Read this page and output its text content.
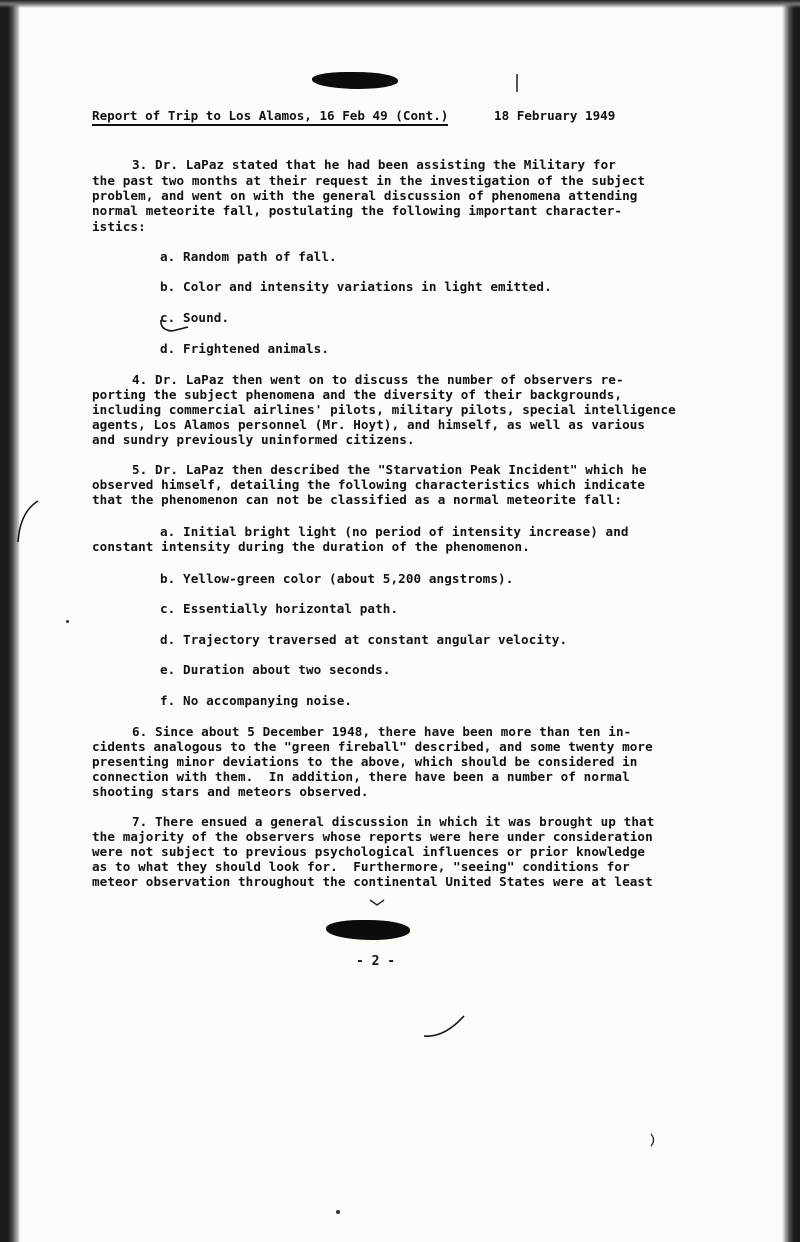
Report of Trip to Los Alamos, 16 Feb 49 (Cont.)	18 February 1949
3. Dr. LaPaz stated that he had been assisting the Military for
the past two months at their request in the investigation of the subject
problem, and went on with the general discussion of phenomena attending
normal meteorite fall, postulating the following important character-
istics:
a. Random path of fall.
b. Color and intensity variations in light emitted.
c. Sound.
d. Frightened animals.
4. Dr. LaPaz then went on to discuss the number of observers re-
porting the subject phenomena and the diversity of their backgrounds,
including commercial airlines' pilots, military pilots, special intelligence
agents, Los Alamos personnel (Mr. Hoyt), and himself, as well as various
and sundry previously uninformed citizens.
5. Dr. LaPaz then described the "Starvation Peak Incident" which he
observed himself, detailing the following characteristics which indicate
that the phenomenon can not be classified as a normal meteorite fall:
a. Initial bright light (no period of intensity increase) and
constant intensity during the duration of the phenomenon.
b. Yellow-green color (about 5,200 angstroms).
c. Essentially horizontal path.
d. Trajectory traversed at constant angular velocity.
e. Duration about two seconds.
f. No accompanying noise.
6. Since about 5 December 1948, there have been more than ten in-
cidents analogous to the "green fireball" described, and some twenty more
presenting minor deviations to the above, which should be considered in
connection with them.  In addition, there have been a number of normal
shooting stars and meteors observed.
7. There ensued a general discussion in which it was brought up that
the majority of the observers whose reports were here under consideration
were not subject to previous psychological influences or prior knowledge
as to what they should look for.  Furthermore, "seeing" conditions for
meteor observation throughout the continental United States were at least
- 2 -
